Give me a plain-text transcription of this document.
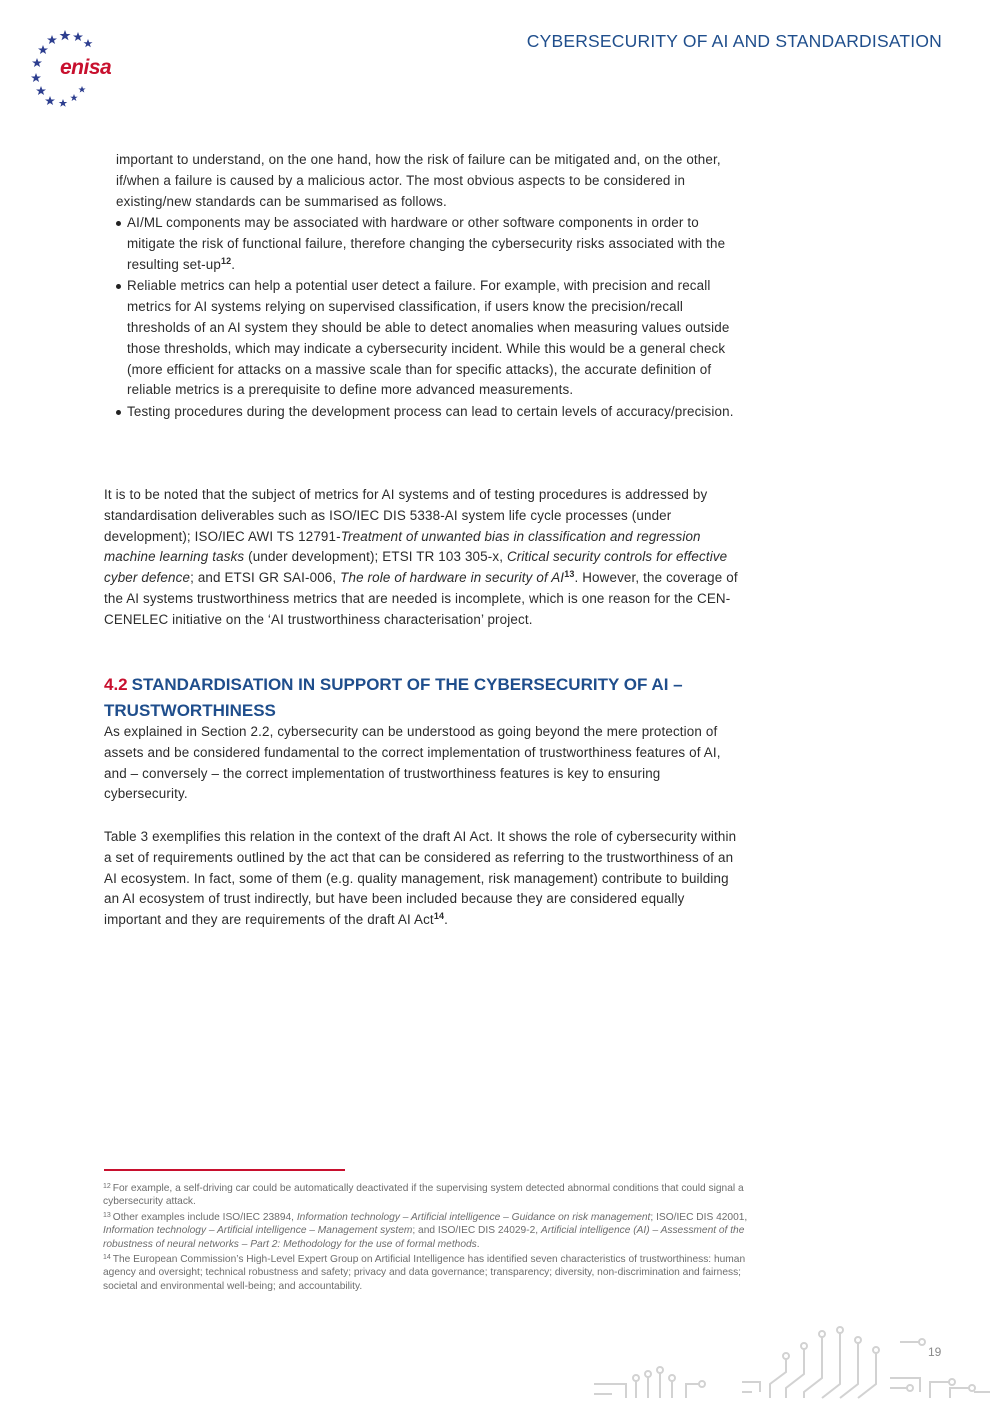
enisa
CYBERSECURITY OF AI AND STANDARDISATION

important to understand, on the one hand, how the risk of failure can be mitigated and, on the other, if/when a failure is caused by a malicious actor. The most obvious aspects to be considered in existing/new standards can be summarised as follows.

AI/ML components may be associated with hardware or other software components in order to mitigate the risk of functional failure, therefore changing the cybersecurity risks associated with the resulting set-$up^{12}$.
Reliable metrics can help a potential user detect a failure. For example, with precision and recall metrics for AI systems relying on supervised classification, if users know the precision/recall thresholds of an AI system they should be able to detect anomalies when measuring values outside those thresholds, which may indicate a cybersecurity incident. While this would be a general check (more efficient for attacks on a massive scale than for specific attacks), the accurate definition of reliable metrics is a prerequisite to define more advanced measurements.
Testing procedures during the development process can lead to certain levels of accuracy/precision.

It is to be noted that the subject of metrics for AI systems and of testing procedures is addressed by standardisation deliverables such as ISO/IEC DIS 5338-AI system life cycle processes (under development); ISO/IEC AWI TS 12791-Treatment of unwanted bias in classification and regression machine learning tasks (under development); ETSI TR 103 305-x, Critical security controls for effective cyber defence; and ETSI GR SAI-006, The role of hardware in security of AI$^{13}$. However, the coverage of the AI systems trustworthiness metrics that are needed is incomplete, which is one reason for the CEN-CENELEC initiative on the ‘AI trustworthiness characterisation’ project.

4.2 STANDARDISATION IN SUPPORT OF THE CYBERSECURITY OF AI – TRUSTWORTHINESS

As explained in Section 2.2, cybersecurity can be understood as going beyond the mere protection of assets and be considered fundamental to the correct implementation of trustworthiness features of AI, and – conversely – the correct implementation of trustworthiness features is key to ensuring cybersecurity.

Table 3 exemplifies this relation in the context of the draft AI Act. It shows the role of cybersecurity within a set of requirements outlined by the act that can be considered as referring to the trustworthiness of an AI ecosystem. In fact, some of them (e.g. quality management, risk management) contribute to building an AI ecosystem of trust indirectly, but have been included because they are considered equally important and they are requirements of the draft AI Act$^{14}$.

$^{12}$ For example, a self-driving car could be automatically deactivated if the supervising system detected abnormal conditions that could signal a cybersecurity attack.

$^{13}$ Other examples include ISO/IEC 23894, Information technology – Artificial intelligence – Guidance on risk management; ISO/IEC DIS 42001, Information technology – Artificial intelligence – Management system; and ISO/IEC DIS 24029-2, Artificial intelligence (AI) – Assessment of the robustness of neural networks – Part 2: Methodology for the use of formal methods.

$^{14}$ The European Commission’s High-Level Expert Group on Artificial Intelligence has identified seven characteristics of trustworthiness: human agency and oversight; technical robustness and safety; privacy and data governance; transparency; diversity, non-discrimination and fairness; societal and environmental well-being; and accountability.

19
